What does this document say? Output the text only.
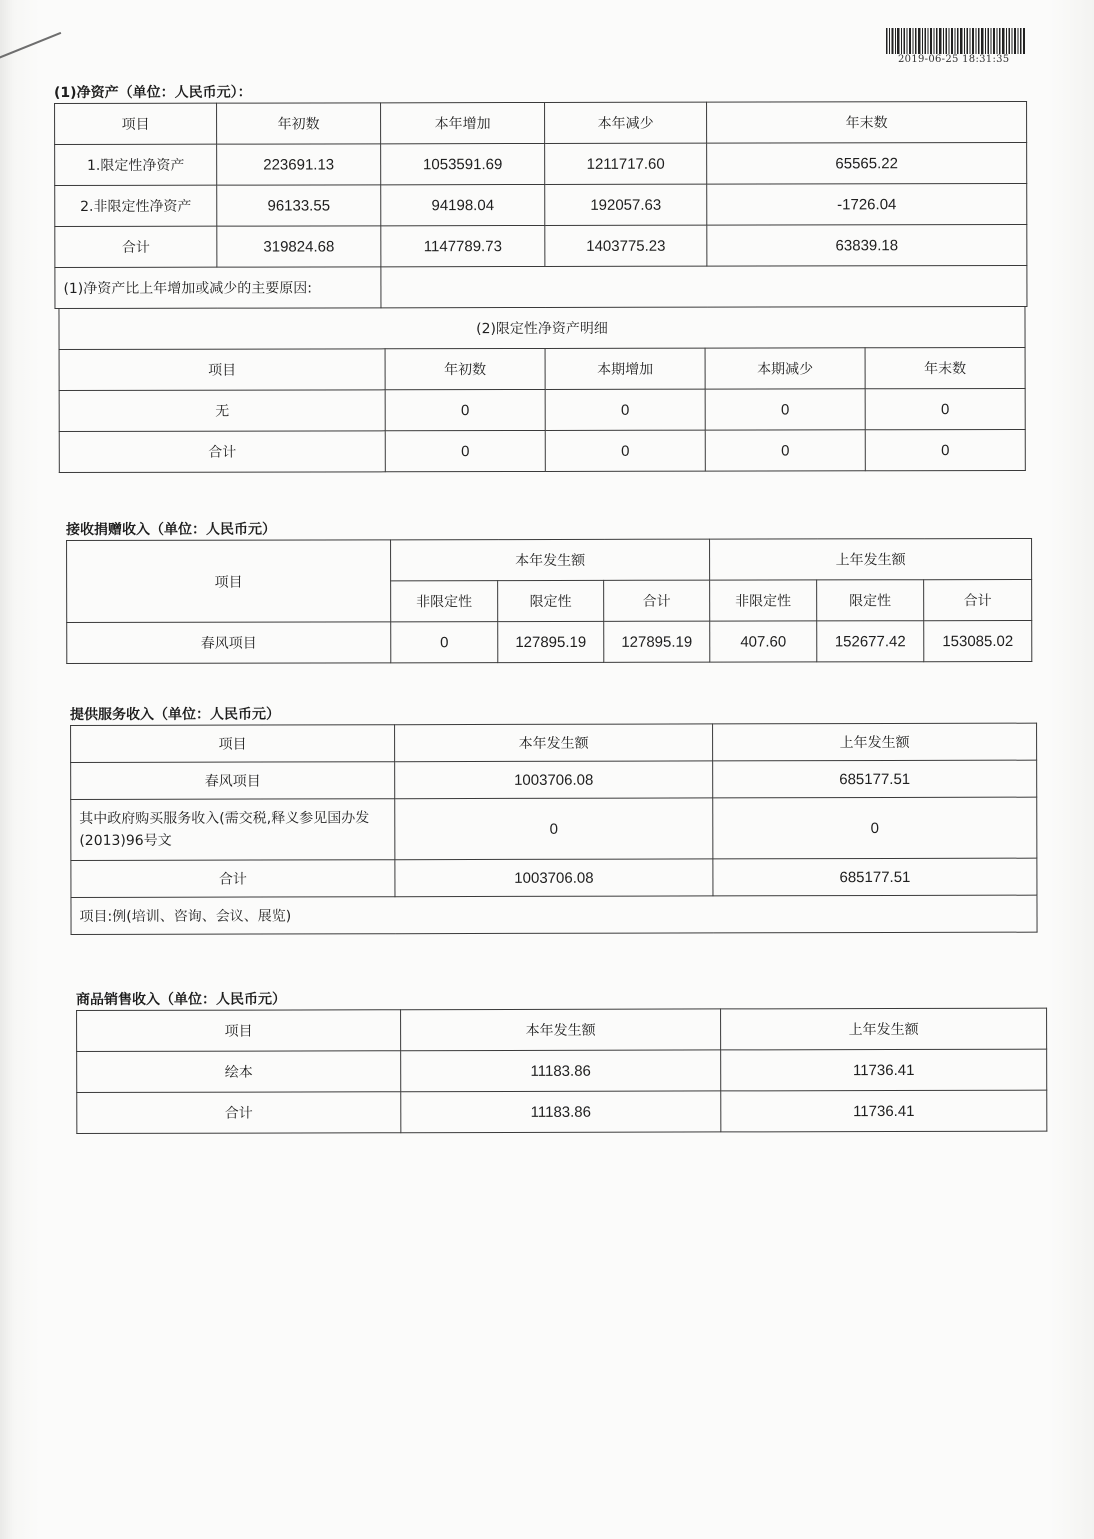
2019-06-25 18:31:35
(1)净资产（单位：人民币元）：
项目	年初数	本年增加	本年减少	年末数
1.限定性净资产	223691.13	1053591.69	1211717.60	65565.22
2.非限定性净资产	96133.55	94198.04	192057.63	-1726.04
合计	319824.68	1147789.73	1403775.23	63839.18
(1)净资产比上年增加或减少的主要原因:				
(2)限定性净资产明细				
项目	年初数	本期增加	本期减少	年末数
无	0	0	0	0
合计	0	0	0	0
接收捐赠收入（单位：人民币元）
项目	本年发生额			上年发生额		
	非限定性	限定性	合计	非限定性	限定性	合计
春风项目	0	127895.19	127895.19	407.60	152677.42	153085.02
提供服务收入（单位：人民币元）
项目	本年发生额	上年发生额
春风项目	1003706.08	685177.51
其中政府购买服务收入(需交税,释义参见国办发(2013)96号文	0	0
合计	1003706.08	685177.51
项目:例(培训、咨询、会议、展览)		
商品销售收入（单位：人民币元）
项目	本年发生额	上年发生额
绘本	11183.86	11736.41
合计	11183.86	11736.41
